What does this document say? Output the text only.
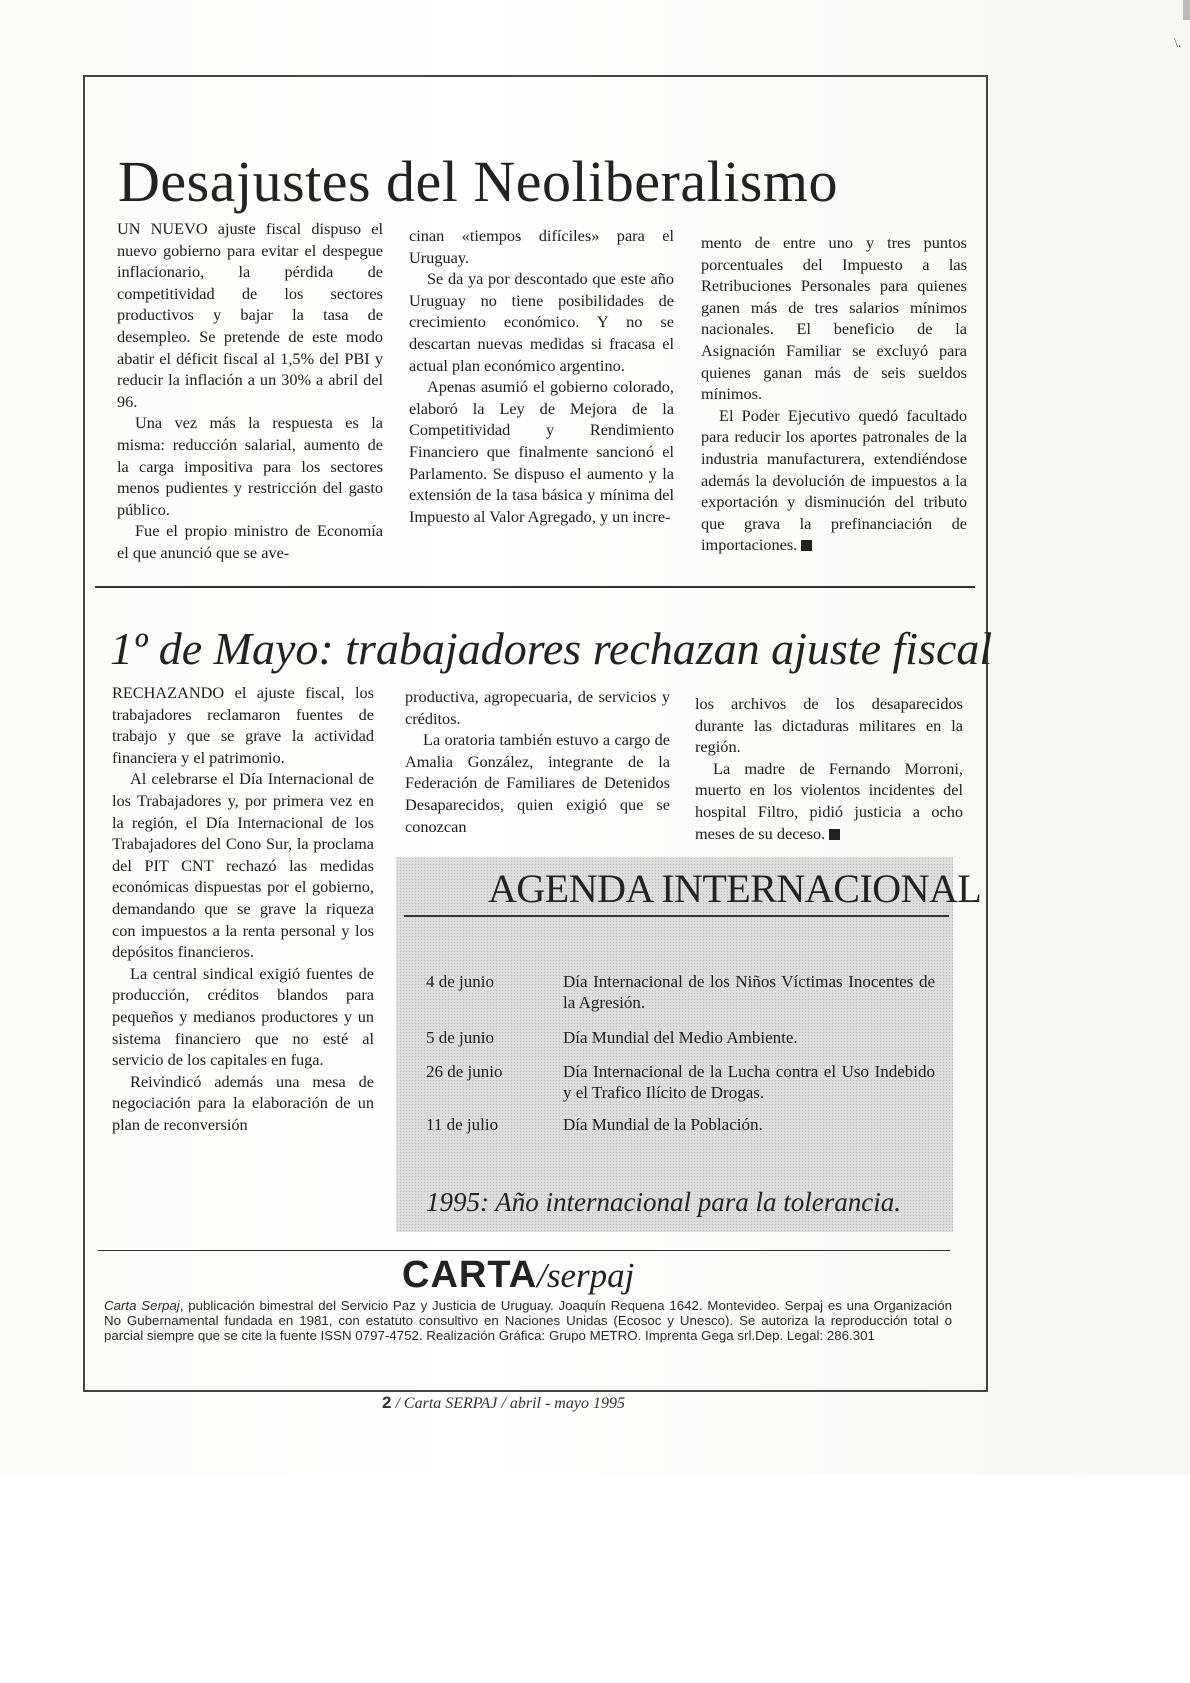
\.
Desajustes del Neoliberalismo

UN NUEVO ajuste fiscal dispuso el nuevo gobierno para evitar el despegue inflacionario, la pérdida de competitividad de los sectores productivos y bajar la tasa de desempleo. Se pretende de este modo abatir el déficit fiscal al 1,5% del PBI y reducir la inflación a un 30% a abril del 96.

Una vez más la respuesta es la misma: reducción salarial, aumento de la carga impositiva para los sectores menos pudientes y restricción del gasto público.

Fue el propio ministro de Economía el que anunció que se ave-

cinan «tiempos difíciles» para el Uruguay.

Se da ya por descontado que este año Uruguay no tiene posibilidades de crecimiento económico. Y no se descartan nuevas medidas si fracasa el actual plan económico argentino.

Apenas asumió el gobierno colorado, elaboró la Ley de Mejora de la Competitividad y Rendimiento Financiero que finalmente sancionó el Parlamento. Se dispuso el aumento y la extensión de la tasa básica y mínima del Impuesto al Valor Agregado, y un incre-

mento de entre uno y tres puntos porcentuales del Impuesto a las Retribuciones Personales para quienes ganen más de tres salarios mínimos nacionales. El beneficio de la Asignación Familiar se excluyó para quienes ganan más de seis sueldos mínimos.

El Poder Ejecutivo quedó facultado para reducir los aportes patronales de la industria manufacturera, extendiéndose además la devolución de impuestos a la exportación y disminución del tributo que grava la prefinanciación de importaciones.

1º de Mayo: trabajadores rechazan ajuste fiscal

RECHAZANDO el ajuste fiscal, los trabajadores reclamaron fuentes de trabajo y que se grave la actividad financiera y el patrimonio.

Al celebrarse el Día Internacional de los Trabajadores y, por primera vez en la región, el Día Internacional de los Trabajadores del Cono Sur, la proclama del PIT CNT rechazó las medidas económicas dispuestas por el gobierno, demandando que se grave la riqueza con impuestos a la renta personal y los depósitos financieros.

La central sindical exigió fuentes de producción, créditos blandos para pequeños y medianos productores y un sistema financiero que no esté al servicio de los capitales en fuga.

Reivindicó además una mesa de negociación para la elaboración de un plan de reconversión

productiva, agropecuaria, de servicios y créditos.

La oratoria también estuvo a cargo de Amalia González, integrante de la Federación de Familiares de Detenidos Desaparecidos, quien exigió que se conozcan

los archivos de los desaparecidos durante las dictaduras militares en la región.

La madre de Fernando Morroni, muerto en los violentos incidentes del hospital Filtro, pidió justicia a ocho meses de su deceso.

AGENDA INTERNACIONAL
4 de junio	Día Internacional de los Niños Víctimas Inocentes de la Agresión.
5 de junio	Día Mundial del Medio Ambiente.
26 de junio	Día Internacional de la Lucha contra el Uso Indebido y el Trafico Ilícito de Drogas.
11 de julio	Día Mundial de la Población.
1995: Año internacional para la tolerancia.
CARTA/serpaj
Carta Serpaj, publicación bimestral del Servicio Paz y Justicia de Uruguay. Joaquín Requena 1642. Montevideo. Serpaj es una Organización No Gubernamental fundada en 1981, con estatuto consultivo en Naciones Unidas (Ecosoc y Unesco). Se autoriza la reproducción total o parcial siempre que se cite la fuente ISSN 0797-4752. Realización Gráfica: Grupo METRO. Imprenta Gega srl.Dep. Legal: 286.301
2 / Carta SERPAJ / abril - mayo 1995
